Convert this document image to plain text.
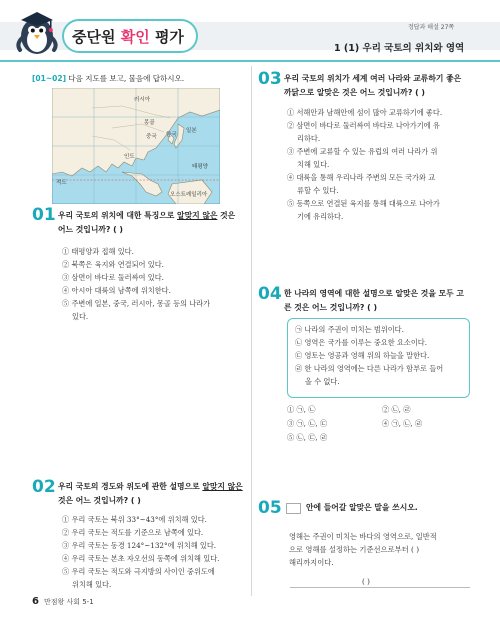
중단원 확인 평가
정답과 해설 27쪽
1 (1) 우리 국토의 위치와 영역
[01~02] 다음 지도를 보고, 물음에 답하시오.
러시아
몽골
중국 한국
일본
인도
적도
태평양
오스트레일리아
01 우리 국토의 위치에 대한 특징으로 알맞지 않은 것은
어느 것입니까? ( )
① 태평양과 접해 있다.
② 북쪽은 육지와 연결되어 있다.
③ 삼면이 바다로 둘러싸여 있다.
④ 아시아 대륙의 남쪽에 위치한다.
⑤ 주변에 일본, 중국, 러시아, 몽골 등의 나라가
있다.
02 우리 국토의 경도와 위도에 관한 설명으로 알맞지 않은
것은 어느 것입니까? ( )
① 우리 국토는 북위 33°~43°에 위치해 있다.
② 우리 국토는 적도를 기준으로 남쪽에 있다.
③ 우리 국토는 동경 124°~132°에 위치해 있다.
④ 우리 국토는 본초 자오선의 동쪽에 위치해 있다.
⑤ 우리 국토는 적도와 극지방의 사이인 중위도에
위치해 있다.
03 우리 국토의 위치가 세계 여러 나라와 교류하기 좋은
까닭으로 알맞은 것은 어느 것입니까? ( )
① 서해안과 남해안에 섬이 많아 교류하기에 좋다.
② 삼면이 바다로 둘러싸여 바다로 나아가기에 유
리하다.
③ 주변에 교류할 수 있는 유럽의 여러 나라가 위
치해 있다.
④ 대륙을 통해 우리나라 주변의 모든 국가와 교
류할 수 있다.
⑤ 동쪽으로 연결된 육지를 통해 대륙으로 나아가
기에 유리하다.
04 한 나라의 영역에 대한 설명으로 알맞은 것을 모두 고
른 것은 어느 것입니까? ( )
㉠ 나라의 주권이 미치는 범위이다.
㉡ 영역은 국가를 이루는 중요한 요소이다.
㉢ 영토는 영공과 영해 위의 하늘을 말한다.
㉣ 한 나라의 영역에는 다른 나라가 함부로 들어
올 수 없다.
① ㉠, ㉡	② ㉡, ㉣
③ ㉠, ㉡, ㉢	④ ㉠, ㉡, ㉣
⑤ ㉡, ㉢, ㉣
05	안에 들어갈 알맞은 말을 쓰시오.
영해는 주권이 미치는 바다의 영역으로, 일반적
으로 영해를 설정하는 기준선으로부터 ( )
해리까지이다.
( )
6 만점왕 사회 5-1
